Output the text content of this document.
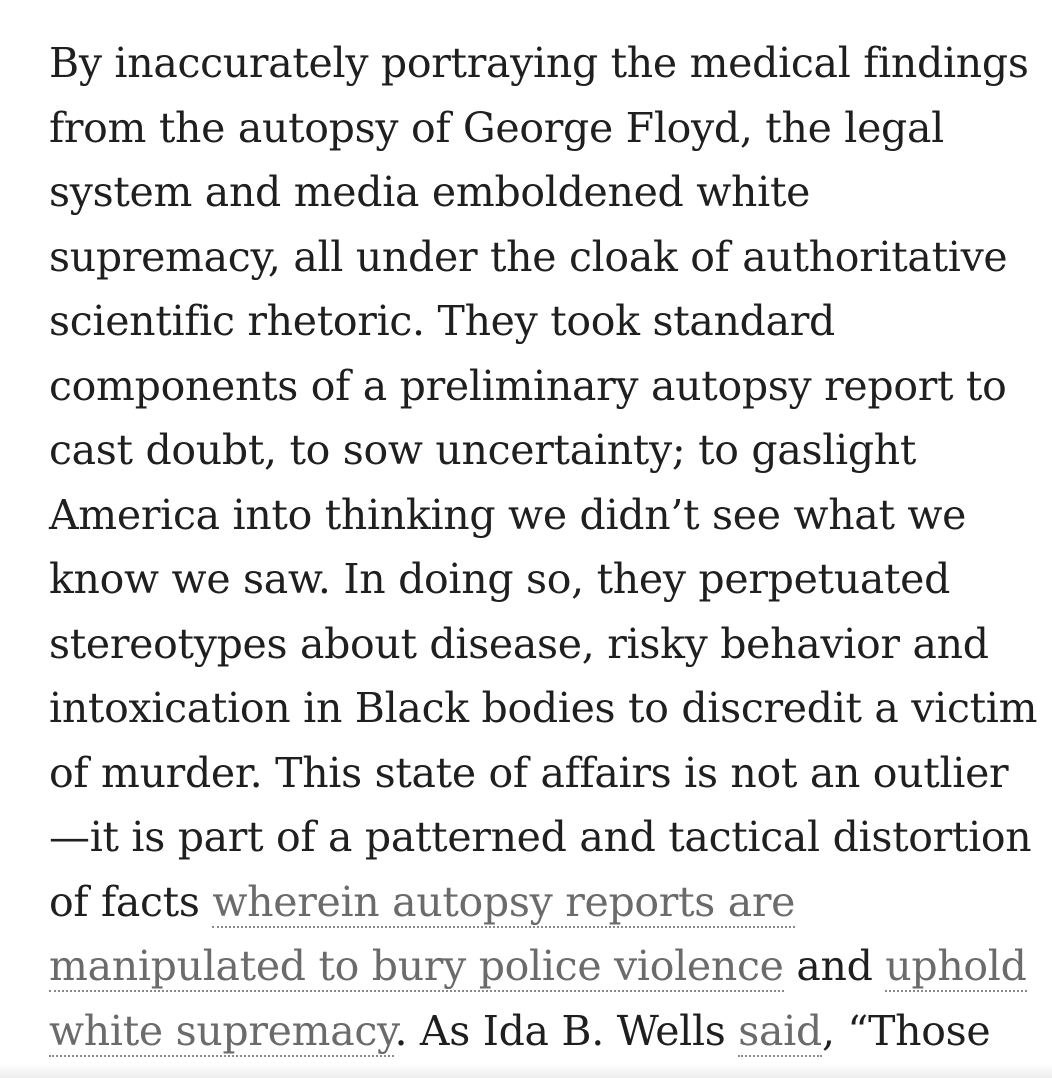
By inaccurately portraying the medical findings
from the autopsy of George Floyd, the legal
system and media emboldened white
supremacy, all under the cloak of authoritative
scientific rhetoric. They took standard
components of a preliminary autopsy report to
cast doubt, to sow uncertainty; to gaslight
America into thinking we didn’t see what we
know we saw. In doing so, they perpetuated
stereotypes about disease, risky behavior and
intoxication in Black bodies to discredit a victim
of murder. This state of affairs is not an outlier
—it is part of a patterned and tactical distortion
of facts wherein autopsy reports are
manipulated to bury police violence and uphold
white supremacy. As Ida B. Wells said, “Those
